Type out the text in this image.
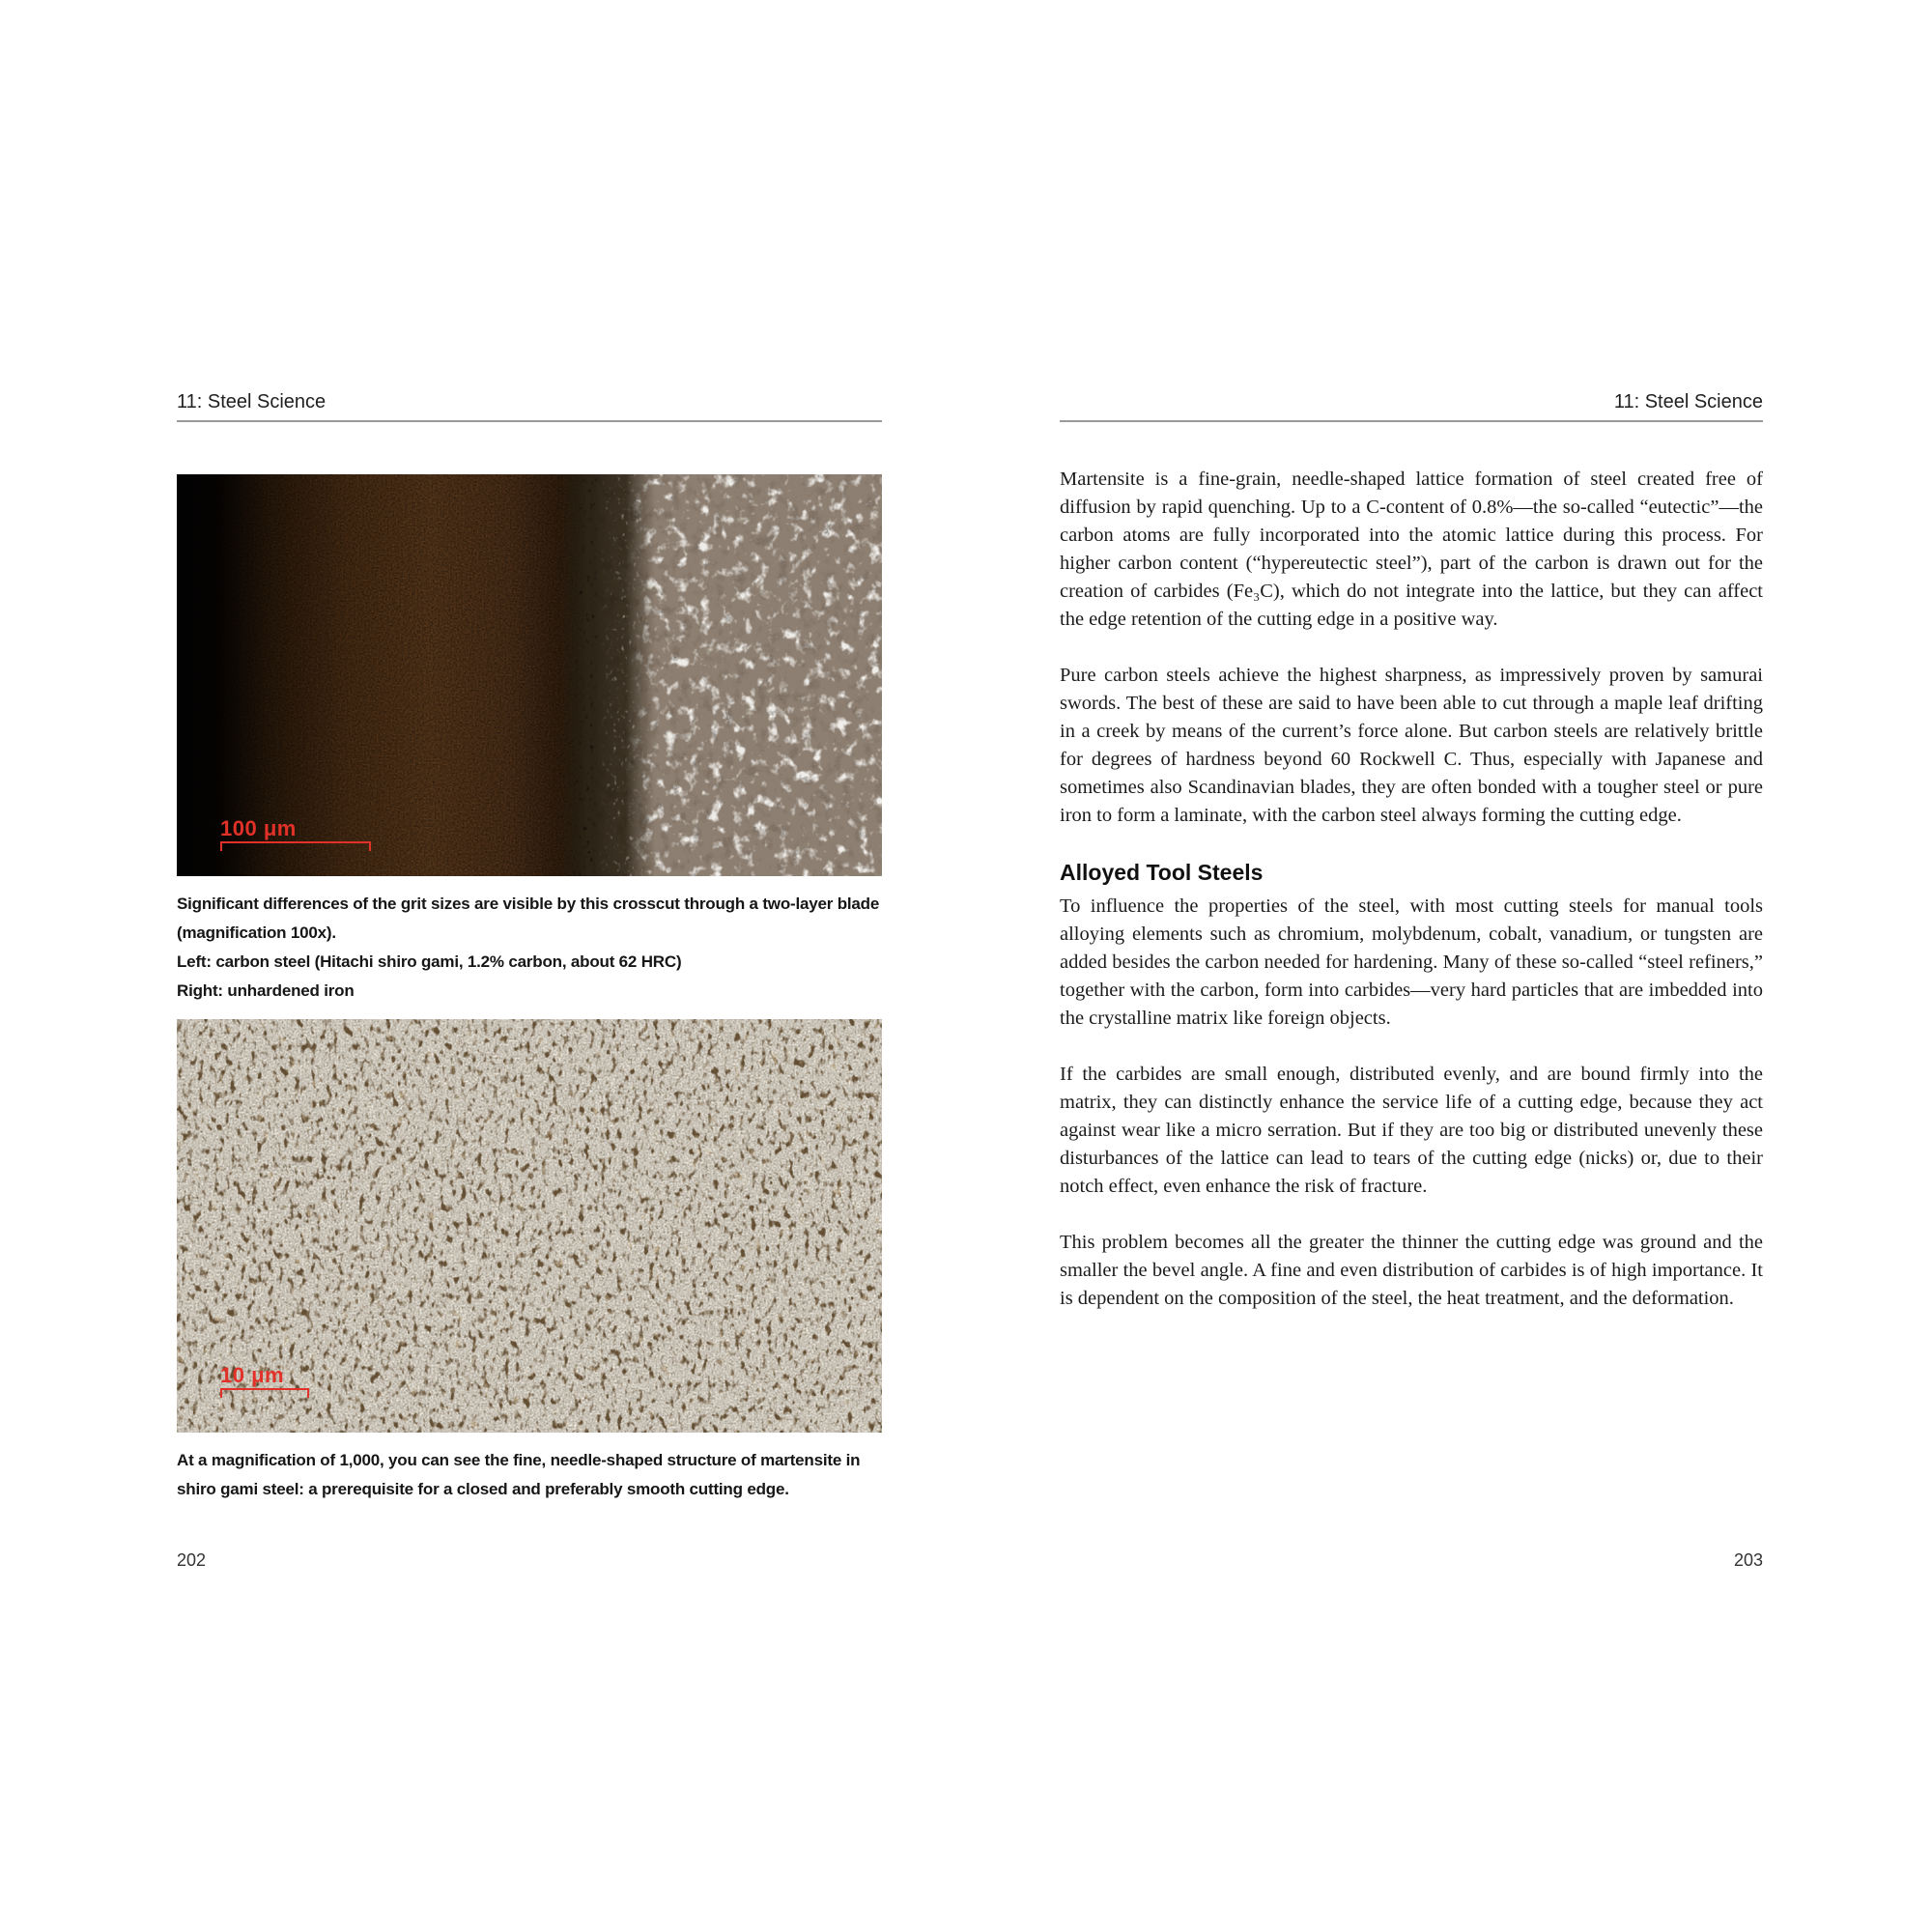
11: Steel Science
100 μm

Significant differences of the grit sizes are visible by this crosscut through a two-layer blade (magnification 100x).

Left: carbon steel (Hitachi shiro gami, 1.2% carbon, about 62 HRC)

Right: unhardened iron

10 μm

At a magnification of 1,000, you can see the fine, needle-shaped structure of martensite in shiro gami steel: a prerequisite for a closed and preferably smooth cutting edge.

202
11: Steel Science

Martensite is a fine-grain, needle-shaped lattice formation of steel created free of diffusion by rapid quenching. Up to a C-content of 0.8%—the so-called “eutectic”—the carbon atoms are fully incorporated into the atomic lattice during this process. For higher carbon content (“hypereutectic steel”), part of the carbon is drawn out for the creation of carbides (Fe₃C), which do not integrate into the lattice, but they can affect the edge retention of the cutting edge in a positive way.

Pure carbon steels achieve the highest sharpness, as impressively proven by samurai swords. The best of these are said to have been able to cut through a maple leaf drifting in a creek by means of the current’s force alone. But carbon steels are relatively brittle for degrees of hardness beyond 60 Rockwell C. Thus, especially with Japanese and sometimes also Scandinavian blades, they are often bonded with a tougher steel or pure iron to form a laminate, with the carbon steel always forming the cutting edge.

Alloyed Tool Steels

To influence the properties of the steel, with most cutting steels for manual tools alloying elements such as chromium, molybdenum, cobalt, vanadium, or tungsten are added besides the carbon needed for hardening. Many of these so-called “steel refiners,” together with the carbon, form into carbides—very hard particles that are imbedded into the crystalline matrix like foreign objects.

If the carbides are small enough, distributed evenly, and are bound firmly into the matrix, they can distinctly enhance the service life of a cutting edge, because they act against wear like a micro serration. But if they are too big or distributed unevenly these disturbances of the lattice can lead to tears of the cutting edge (nicks) or, due to their notch effect, even enhance the risk of fracture.

This problem becomes all the greater the thinner the cutting edge was ground and the smaller the bevel angle. A fine and even distribution of carbides is of high importance. It is dependent on the composition of the steel, the heat treatment, and the deformation.

203
